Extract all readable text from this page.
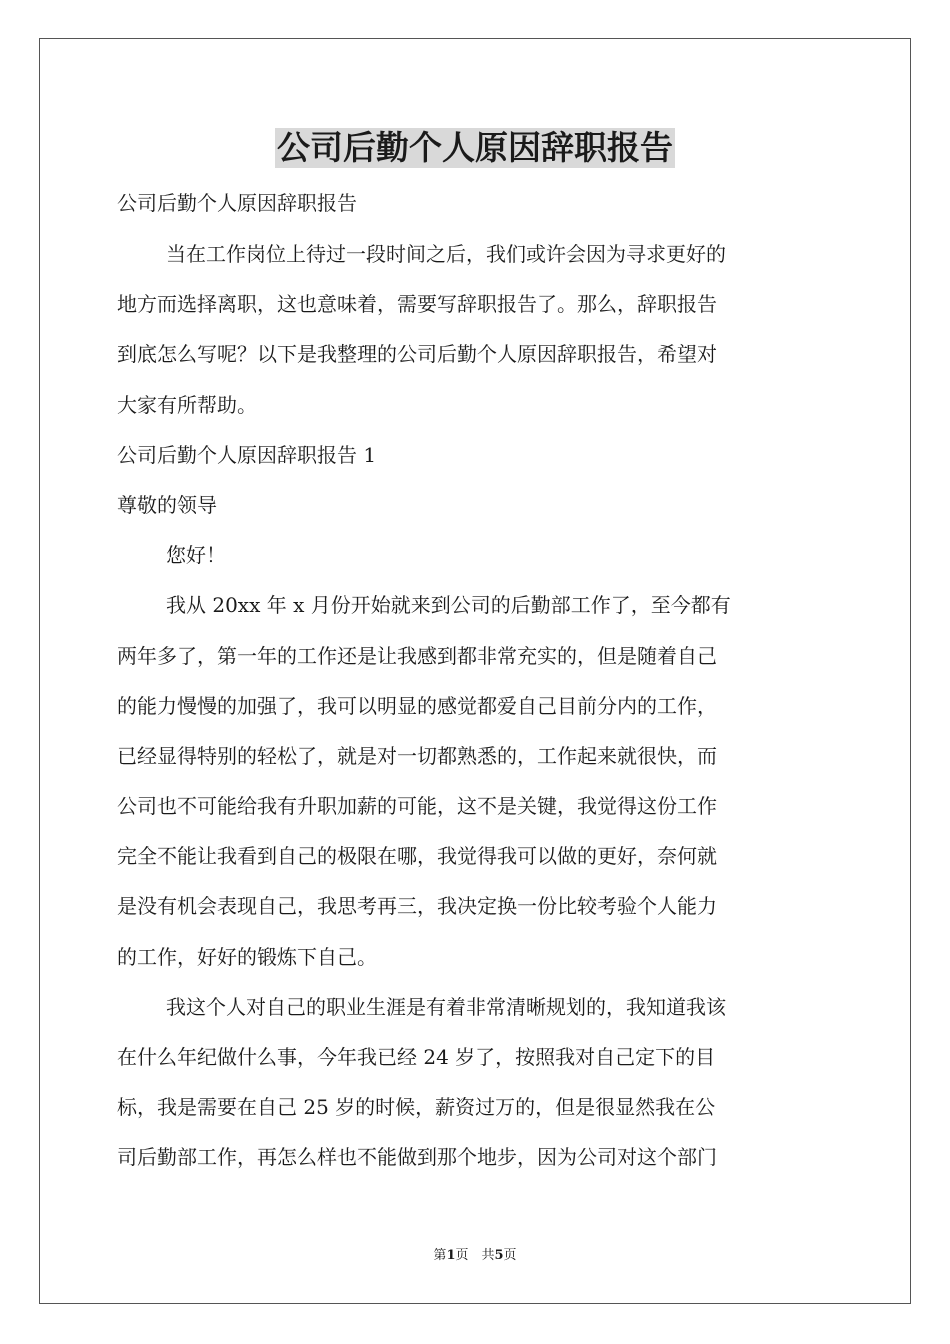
公司后勤个人原因辞职报告
公司后勤个人原因辞职报告
当在工作岗位上待过一段时间之后，我们或许会因为寻求更好的
地方而选择离职，这也意味着，需要写辞职报告了。那么，辞职报告
到底怎么写呢？以下是我整理的公司后勤个人原因辞职报告，希望对
大家有所帮助。
公司后勤个人原因辞职报告 1
尊敬的领导
您好！
我从 20xx 年 x 月份开始就来到公司的后勤部工作了，至今都有
两年多了，第一年的工作还是让我感到都非常充实的，但是随着自己
的能力慢慢的加强了，我可以明显的感觉都爱自己目前分内的工作，
已经显得特别的轻松了，就是对一切都熟悉的，工作起来就很快，而
公司也不可能给我有升职加薪的可能，这不是关键，我觉得这份工作
完全不能让我看到自己的极限在哪，我觉得我可以做的更好，奈何就
是没有机会表现自己，我思考再三，我决定换一份比较考验个人能力
的工作，好好的锻炼下自己。
我这个人对自己的职业生涯是有着非常清晰规划的，我知道我该
在什么年纪做什么事，今年我已经 24 岁了，按照我对自己定下的目
标，我是需要在自己 25 岁的时候，薪资过万的，但是很显然我在公
司后勤部工作，再怎么样也不能做到那个地步，因为公司对这个部门
第1页　共5页
